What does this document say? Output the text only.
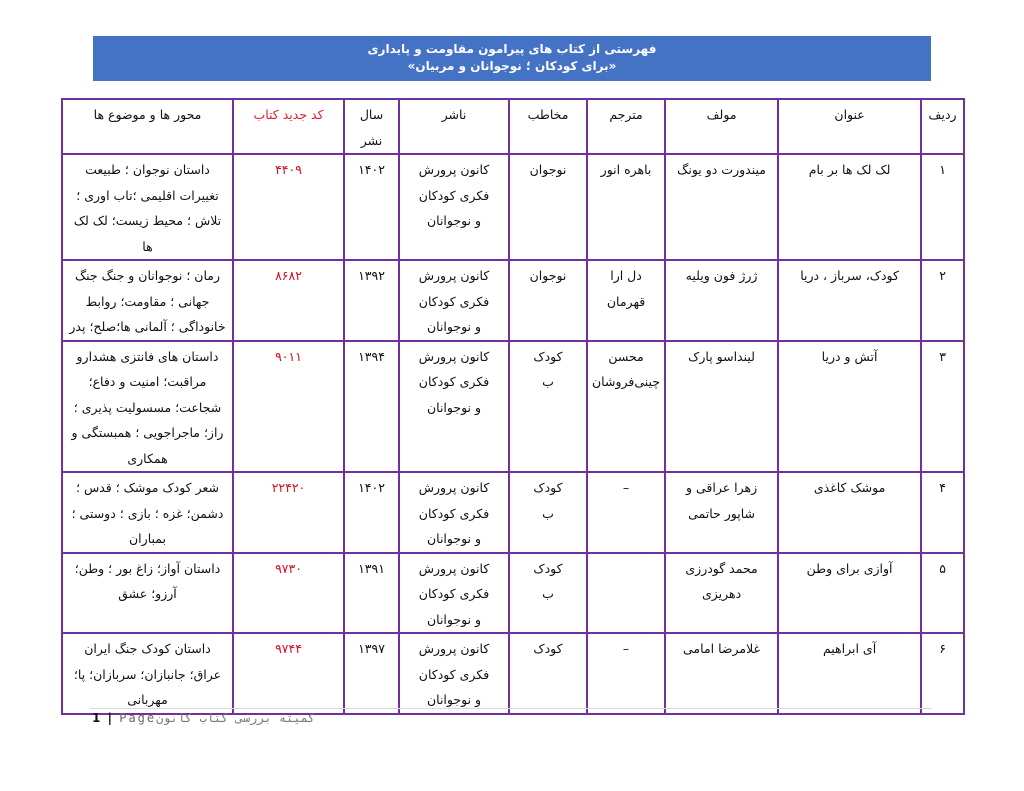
فهرستی از کتاب های پیرامون مقاومت و پایداری
«برای کودکان ؛ نوجوانان و مربیان»
ردیف	عنوان	مولف	مترجم	مخاطب	ناشر	سال نشر	کد جدید کتاب	محور ها و موضوع ها
۱	لک لک ها بر بام	میندورت دو یونگ	باهره انور	نوجوان	کانون پرورش فکری کودکان و نوجوانان	۱۴۰۲	۴۴۰۹	داستان نوجوان ؛ طبیعت تغییرات اقلیمی ؛تاب اوری ؛ تلاش ؛ محیط زیست؛ لک لک ها
۲	کودک، سرباز ، دریا	ژرژ فون ویلیه	دل ارا قهرمان	نوجوان	کانون پرورش فکری کودکان و نوجوانان	۱۳۹۲	۸۶۸۲	رمان ؛ نوجوانان و جنگ جنگ جهانی ؛ مقاومت؛ روابط خانوداگی ؛ آلمانی ها؛صلح؛ پدر
۳	آتش و دریا	لینداسو پارک	محسن چینی‌فروشان	کودک ب	کانون پرورش فکری کودکان و نوجوانان	۱۳۹۴	۹۰۱۱	داستان های فانتزی هشدارو مراقبت؛ امنیت و دفاع؛ شجاعت؛ مسسولیت پذیری ؛ راز؛ ماجراجویی ؛ همبستگی و همکاری
۴	موشک کاغذی	زهرا عراقی و شاپور حاتمی	–	کودک ب	کانون پرورش فکری کودکان و نوجوانان	۱۴۰۲	۲۲۴۲۰	شعر کودک موشک ؛ قدس ؛ دشمن؛ غزه ؛ بازی ؛ دوستی ؛بمباران
۵	آوازی برای وطن	محمد گودرزی دهریزی		کودک ب	کانون پرورش فکری کودکان و نوجوانان	۱۳۹۱	۹۷۳۰	داستان آواز؛ زاغ بور ؛ وطن؛ آرزو؛ عشق
۶	آی ابراهیم	غلامرضا امامی	–	کودک	کانون پرورش فکری کودکان و نوجوانان	۱۳۹۷	۹۷۴۴	داستان کودک جنگ ایران عراق؛ جانبازان؛ سربازان؛ پا؛ مهربانی
1 | Pageکمیته بررسی کتاب کانون
